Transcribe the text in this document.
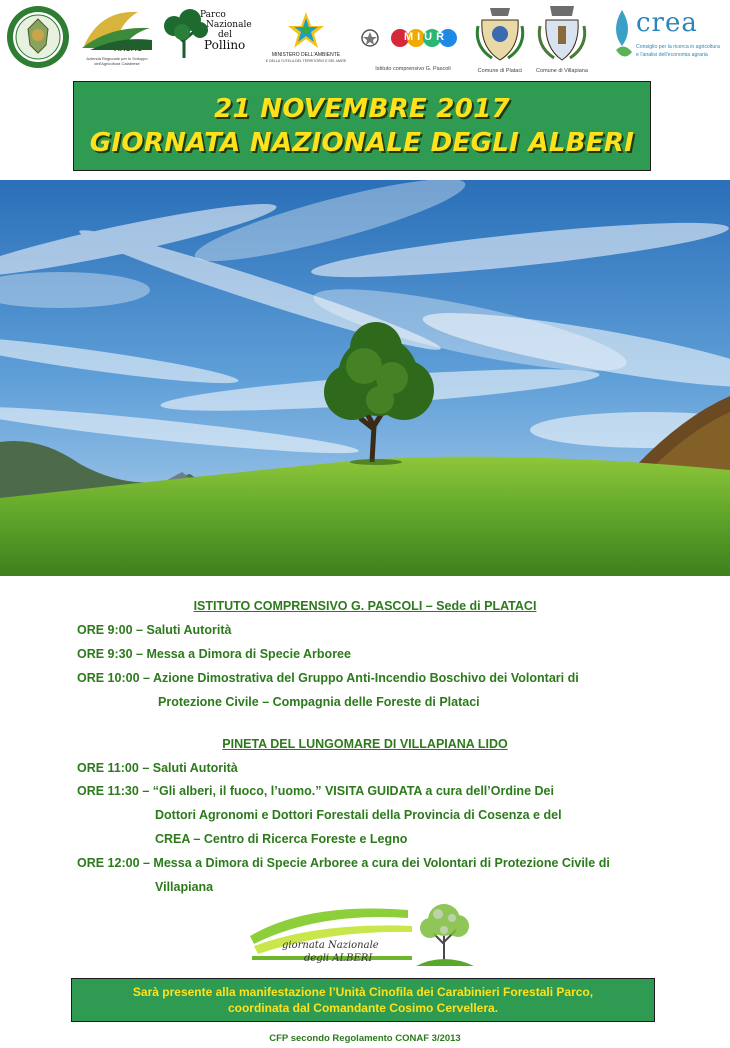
ARSAC
Azienda Regionale per lo Sviluppo
dell'Agricoltura Calabrese
Parco
Nazionale
del
Pollino
MINISTERO DELL'AMBIENTE
E DELLA TUTELA DEL TERRITORIO E DEL MARE
MIUR
Istituto comprensivo G. Pascoli	Comune di Plataci	Comune di Villapiana
crea
Consiglio per la ricerca in agricoltura
e l'analisi dell'economia agraria
21 NOVEMBRE 2017
GIORNATA NAZIONALE DEGLI ALBERI
ISTITUTO COMPRENSIVO G. PASCOLI – Sede di PLATACI
ORE 9:00 – Saluti Autorità
ORE 9:30 – Messa a Dimora di Specie Arboree
ORE 10:00 – Azione Dimostrativa del Gruppo Anti-Incendio Boschivo dei Volontari di
Protezione Civile – Compagnia delle Foreste di Plataci
PINETA DEL LUNGOMARE DI VILLAPIANA LIDO
ORE 11:00 – Saluti Autorità
ORE 11:30 – “Gli alberi, il fuoco, l’uomo.” VISITA GUIDATA a cura dell’Ordine Dei
Dottori Agronomi e Dottori Forestali della Provincia di Cosenza e del
CREA – Centro di Ricerca Foreste e Legno
ORE 12:00 – Messa a Dimora di Specie Arboree a cura dei Volontari di Protezione Civile di
Villapiana
giornata Nazionale
degli ALBERI
Sarà presente alla manifestazione l’Unità Cinofila dei Carabinieri Forestali Parco,
coordinata dal Comandante Cosimo Cervellera.
CFP secondo Regolamento CONAF 3/2013
